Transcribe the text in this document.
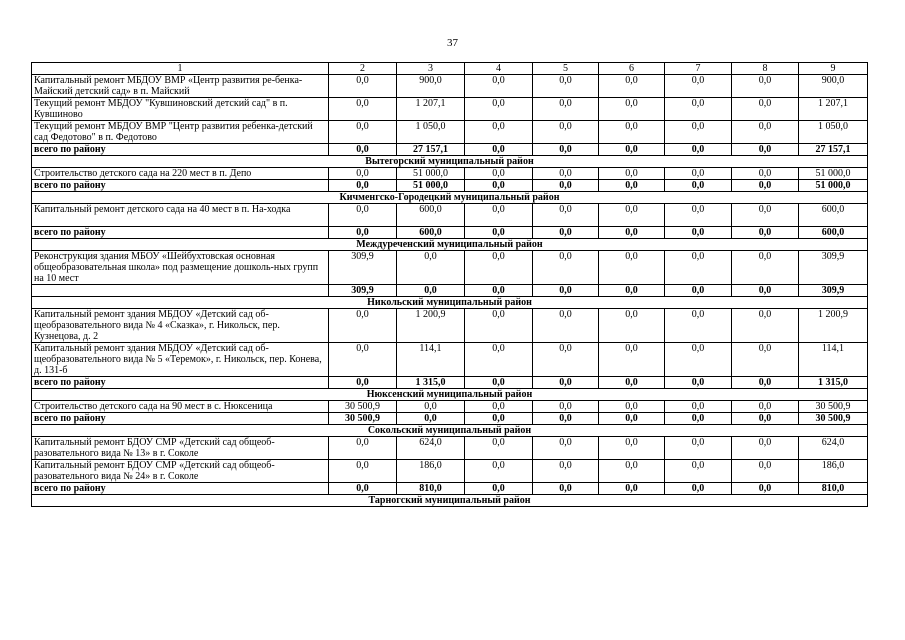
37
1	2	3	4	5	6	7	8	9
Капитальный ремонт МБДОУ ВМР «Центр развития ре-бенка-Майский детский сад» в п. Майский	0,0	900,0	0,0	0,0	0,0	0,0	0,0	900,0
Текущий ремонт МБДОУ "Кувшиновский детский сад" в п. Кувшиново	0,0	1 207,1	0,0	0,0	0,0	0,0	0,0	1 207,1
Текущий ремонт МБДОУ ВМР "Центр развития ребенка-детский сад Федотово" в п. Федотово	0,0	1 050,0	0,0	0,0	0,0	0,0	0,0	1 050,0
всего по району	0,0	27 157,1	0,0	0,0	0,0	0,0	0,0	27 157,1
Вытегорский муниципальный район								
Строительство детского сада на 220 мест в п. Депо	0,0	51 000,0	0,0	0,0	0,0	0,0	0,0	51 000,0
всего по району	0,0	51 000,0	0,0	0,0	0,0	0,0	0,0	51 000,0
Кичменгско-Городецкий муниципальный район								
Капитальный ремонт детского сада на 40 мест в п. На-ходка	0,0	600,0	0,0	0,0	0,0	0,0	0,0	600,0
всего по району	0,0	600,0	0,0	0,0	0,0	0,0	0,0	600,0
Междуреченский муниципальный район								
Реконструкция здания МБОУ «Шейбухтовская основная общеобразовательная школа» под размещение дошколь-ных групп на 10 мест	309,9	0,0	0,0	0,0	0,0	0,0	0,0	309,9
	309,9	0,0	0,0	0,0	0,0	0,0	0,0	309,9
Никольский муниципальный район								
Капитальный ремонт здания МБДОУ «Детский сад об-щеобразовательного вида № 4 «Сказка», г. Никольск, пер. Кузнецова, д. 2	0,0	1 200,9	0,0	0,0	0,0	0,0	0,0	1 200,9
Капитальный ремонт здания МБДОУ «Детский сад об-щеобразовательного вида № 5 «Теремок», г. Никольск, пер. Конева, д. 131-б	0,0	114,1	0,0	0,0	0,0	0,0	0,0	114,1
всего по району	0,0	1 315,0	0,0	0,0	0,0	0,0	0,0	1 315,0
Нюксенский муниципальный район								
Строительство детского сада на 90 мест в с. Нюксеница	30 500,9	0,0	0,0	0,0	0,0	0,0	0,0	30 500,9
всего по району	30 500,9	0,0	0,0	0,0	0,0	0,0	0,0	30 500,9
Сокольский муниципальный район								
Капитальный ремонт БДОУ СМР «Детский сад общеоб-разовательного вида № 13» в г. Соколе	0,0	624,0	0,0	0,0	0,0	0,0	0,0	624,0
Капитальный ремонт БДОУ СМР «Детский сад общеоб-разовательного вида № 24» в г. Соколе	0,0	186,0	0,0	0,0	0,0	0,0	0,0	186,0
всего по району	0,0	810,0	0,0	0,0	0,0	0,0	0,0	810,0
Тарногский муниципальный район								
